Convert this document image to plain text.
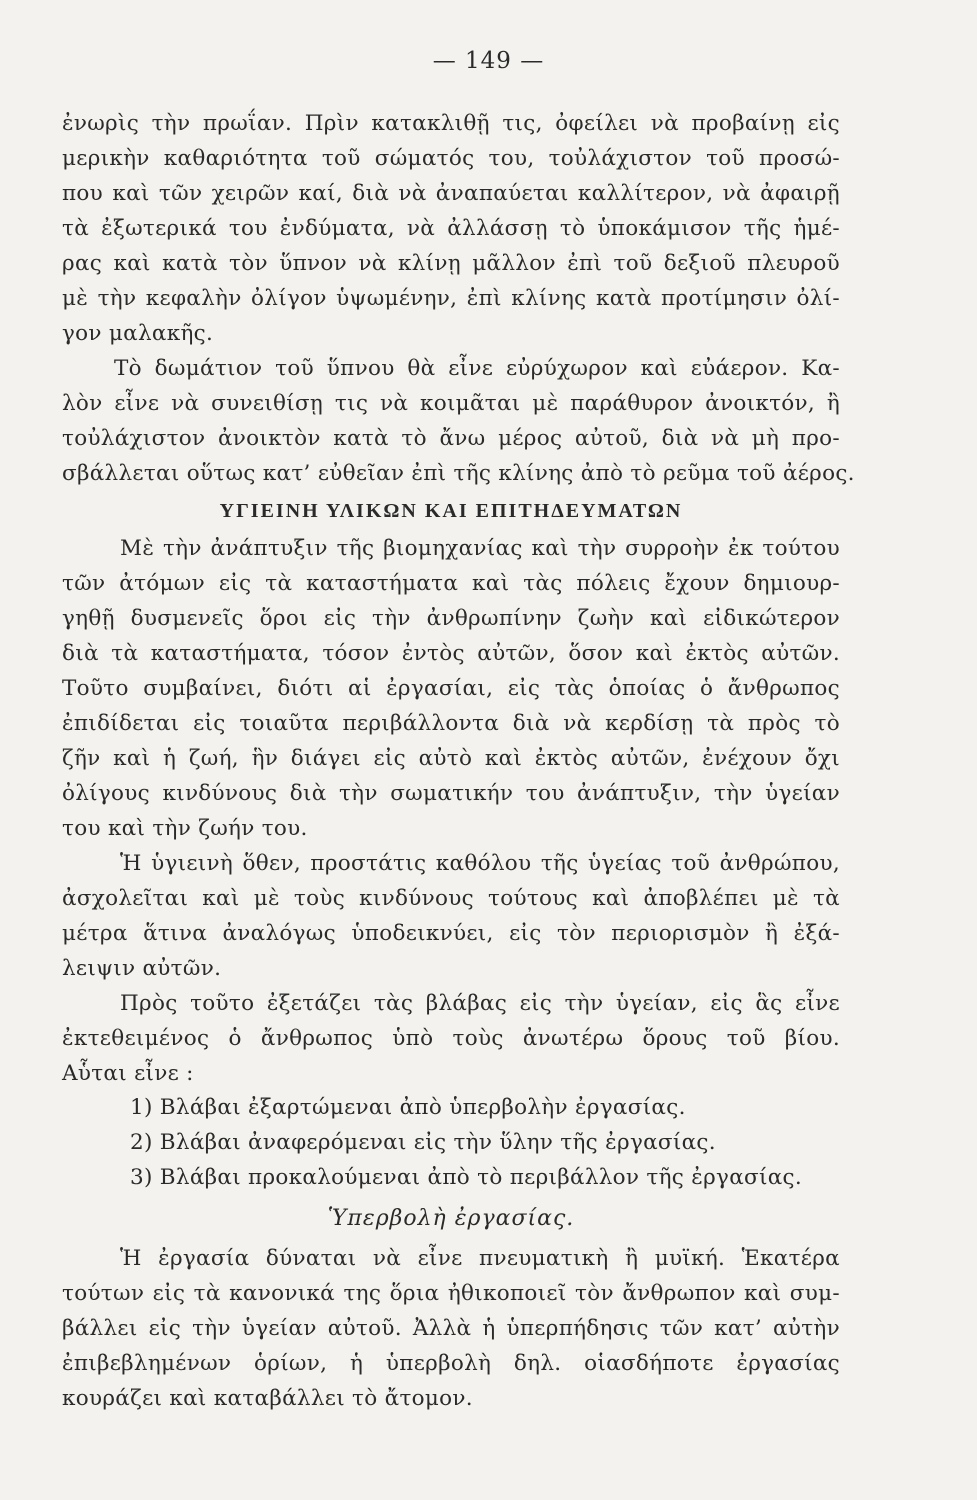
— 149 —
ἐνωρὶς τὴν πρωΐαν. Πρὶν κατακλιθῇ τις, ὀφείλει νὰ προβαίνῃ εἰς
μερικὴν καθαριότητα τοῦ σώματός του, τοὐλάχιστον τοῦ προσώ-
που καὶ τῶν χειρῶν καί, διὰ νὰ ἀναπαύεται καλλίτερον, νὰ ἀφαιρῇ
τὰ ἐξωτερικά του ἐνδύματα, νὰ ἀλλάσσῃ τὸ ὑποκάμισον τῆς ἡμέ-
ρας καὶ κατὰ τὸν ὕπνον νὰ κλίνῃ μᾶλλον ἐπὶ τοῦ δεξιοῦ πλευροῦ
μὲ τὴν κεφαλὴν ὀλίγον ὑψωμένην, ἐπὶ κλίνης κατὰ προτίμησιν ὀλί-
γον μαλακῆς.
Τὸ δωμάτιον τοῦ ὕπνου θὰ εἶνε εὐρύχωρον καὶ εὐάερον. Κα-
λὸν εἶνε νὰ συνειθίσῃ τις νὰ κοιμᾶται μὲ παράθυρον ἀνοικτόν, ἢ
τοὐλάχιστον ἀνοικτὸν κατὰ τὸ ἄνω μέρος αὐτοῦ, διὰ νὰ μὴ προ-
σβάλλεται οὕτως κατ’ εὐθεῖαν ἐπὶ τῆς κλίνης ἀπὸ τὸ ρεῦμα τοῦ ἀέρος.
ΥΓΙΕΙΝΗ ΥΛΙΚΩΝ ΚΑΙ ΕΠΙΤΗΔΕΥΜΑΤΩΝ
Μὲ τὴν ἀνάπτυξιν τῆς βιομηχανίας καὶ τὴν συρροὴν ἐκ τούτου
τῶν ἀτόμων εἰς τὰ καταστήματα καὶ τὰς πόλεις ἔχουν δημιουρ-
γηθῇ δυσμενεῖς ὅροι εἰς τὴν ἀνθρωπίνην ζωὴν καὶ εἰδικώτερον
διὰ τὰ καταστήματα, τόσον ἐντὸς αὐτῶν, ὅσον καὶ ἐκτὸς αὐτῶν.
Τοῦτο συμβαίνει, διότι αἱ ἐργασίαι, εἰς τὰς ὁποίας ὁ ἄνθρωπος
ἐπιδίδεται εἰς τοιαῦτα περιβάλλοντα διὰ νὰ κερδίσῃ τὰ πρὸς τὸ
ζῆν καὶ ἡ ζωή, ἣν διάγει εἰς αὐτὸ καὶ ἐκτὸς αὐτῶν, ἐνέχουν ὄχι
ὀλίγους κινδύνους διὰ τὴν σωματικήν του ἀνάπτυξιν, τὴν ὑγείαν
του καὶ τὴν ζωήν του.
Ἡ ὑγιεινὴ ὅθεν, προστάτις καθόλου τῆς ὑγείας τοῦ ἀνθρώπου,
ἀσχολεῖται καὶ μὲ τοὺς κινδύνους τούτους καὶ ἀποβλέπει μὲ τὰ
μέτρα ἅτινα ἀναλόγως ὑποδεικνύει, εἰς τὸν περιορισμὸν ἢ ἐξά-
λειψιν αὐτῶν.
Πρὸς τοῦτο ἐξετάζει τὰς βλάβας εἰς τὴν ὑγείαν, εἰς ἃς εἶνε
ἐκτεθειμένος ὁ ἄνθρωπος ὑπὸ τοὺς ἀνωτέρω ὅρους τοῦ βίου.
Αὗται εἶνε :
1) Βλάβαι ἐξαρτώμεναι ἀπὸ ὑπερβολὴν ἐργασίας.
2) Βλάβαι ἀναφερόμεναι εἰς τὴν ὕλην τῆς ἐργασίας.
3) Βλάβαι προκαλούμεναι ἀπὸ τὸ περιβάλλον τῆς ἐργασίας.
Ὑπερβολὴ ἐργασίας.
Ἡ ἐργασία δύναται νὰ εἶνε πνευματικὴ ἢ μυϊκή. Ἑκατέρα
τούτων εἰς τὰ κανονικά της ὅρια ἠθικοποιεῖ τὸν ἄνθρωπον καὶ συμ-
βάλλει εἰς τὴν ὑγείαν αὐτοῦ. Ἀλλὰ ἡ ὑπερπήδησις τῶν κατ’ αὐτὴν
ἐπιβεβλημένων ὁρίων, ἡ ὑπερβολὴ δηλ. οἱασδήποτε ἐργασίας
κουράζει καὶ καταβάλλει τὸ ἄτομον.
